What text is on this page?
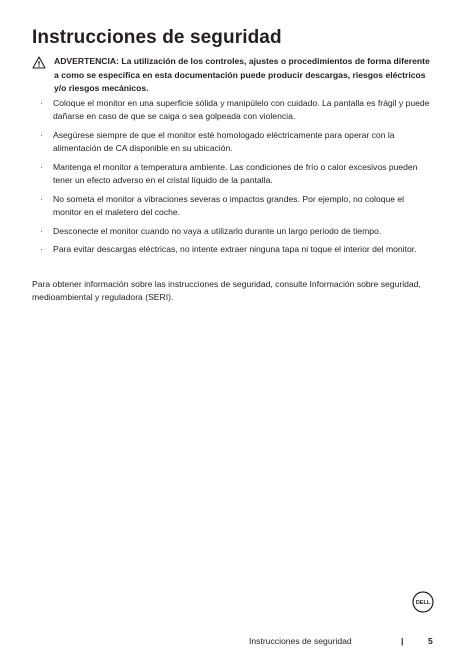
Instrucciones de seguridad
ADVERTENCIA: La utilización de los controles, ajustes o procedimientos de forma diferente a como se especifica en esta documentación puede producir descargas, riesgos eléctricos y/o riesgos mecánicos.
· Coloque el monitor en una superficie sólida y manipúlelo con cuidado. La pantalla es frágil y puede dañarse en caso de que se caiga o sea golpeada con violencia.
· Asegúrese siempre de que el monitor esté homologado eléctricamente para operar con la alimentación de CA disponible en su ubicación.
· Mantenga el monitor a temperatura ambiente. Las condiciones de frío o calor excesivos pueden tener un efecto adverso en el cristal líquido de la pantalla.
· No someta el monitor a vibraciones severas o impactos grandes. Por ejemplo, no coloque el monitor en el maletero del coche.
· Desconecte el monitor cuando no vaya a utilizarlo durante un largo periodo de tiempo.
· Para evitar descargas eléctricas, no intente extraer ninguna tapa ni toque el interior del monitor.

Para obtener información sobre las instrucciones de seguridad, consulte Información sobre seguridad, medioambiental y reguladora (SERI).

DELL
Instrucciones de seguridad	|	5
